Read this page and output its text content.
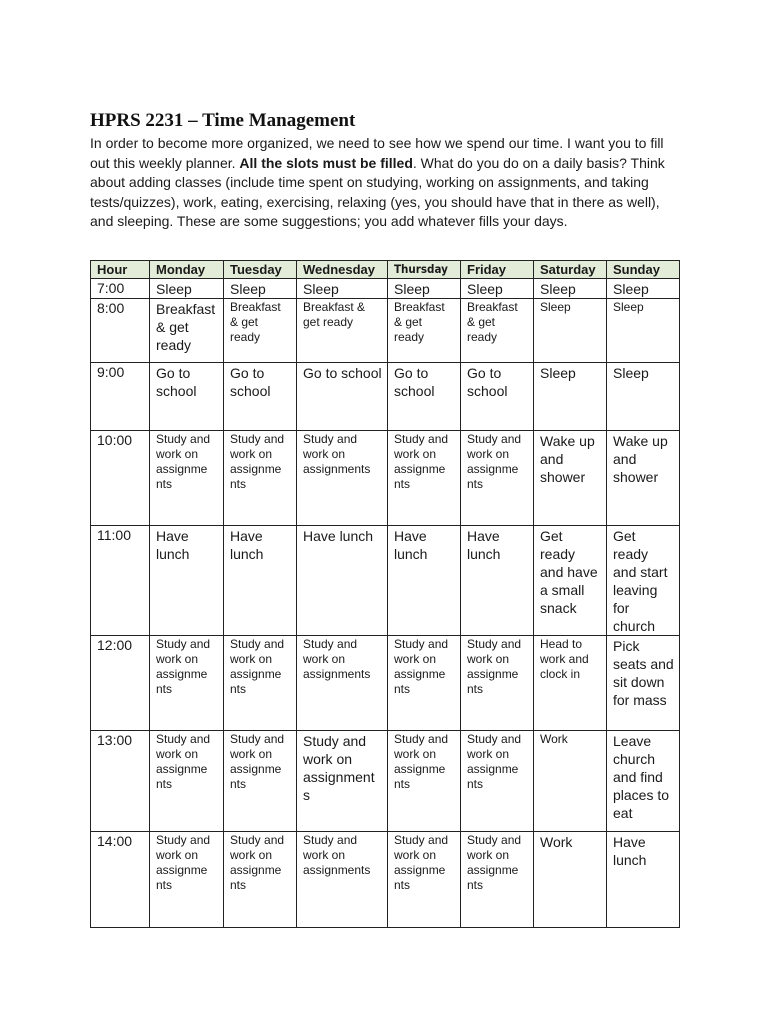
HPRS 2231 – Time Management

In order to become more organized, we need to see how we spend our time. I want you to fill out this weekly planner. All the slots must be filled. What do you do on a daily basis? Think about adding classes (include time spent on studying, working on assignments, and taking tests/quizzes), work, eating, exercising, relaxing (yes, you should have that in there as well), and sleeping. These are some suggestions; you add whatever fills your days.

Hour	Monday	Tuesday	Wednesday	Thursday	Friday	Saturday	Sunday
7:00	Sleep	Sleep	Sleep	Sleep	Sleep	Sleep	Sleep

8:00	Breakfast & get ready	Breakfast & get ready	Breakfast & get ready	Breakfast & get ready	Breakfast & get ready	Sleep	Sleep

9:00	Go to school	Go to school	Go to school	Go to school	Go to school	Sleep	Sleep

10:00	Study and work on assignme nts	Study and work on assignme nts	Study and work on assignments	Study and work on assignme nts	Study and work on assignme nts	Wake up and shower	Wake up and shower

11:00	Have lunch	Have lunch	Have lunch	Have lunch	Have lunch	Get ready and have a small snack	Get ready and start leaving for church

12:00	Study and work on assignme nts	Study and work on assignme nts	Study and work on assignments	Study and work on assignme nts	Study and work on assignme nts	Head to work and clock in	Pick seats and sit down for mass

13:00	Study and work on assignme nts	Study and work on assignme nts	Study and work on assignment s	Study and work on assignme nts	Study and work on assignme nts	Work	Leave church and find places to eat

14:00	Study and work on assignme nts	Study and work on assignme nts	Study and work on assignments	Study and work on assignme nts	Study and work on assignme nts	Work	Have lunch
